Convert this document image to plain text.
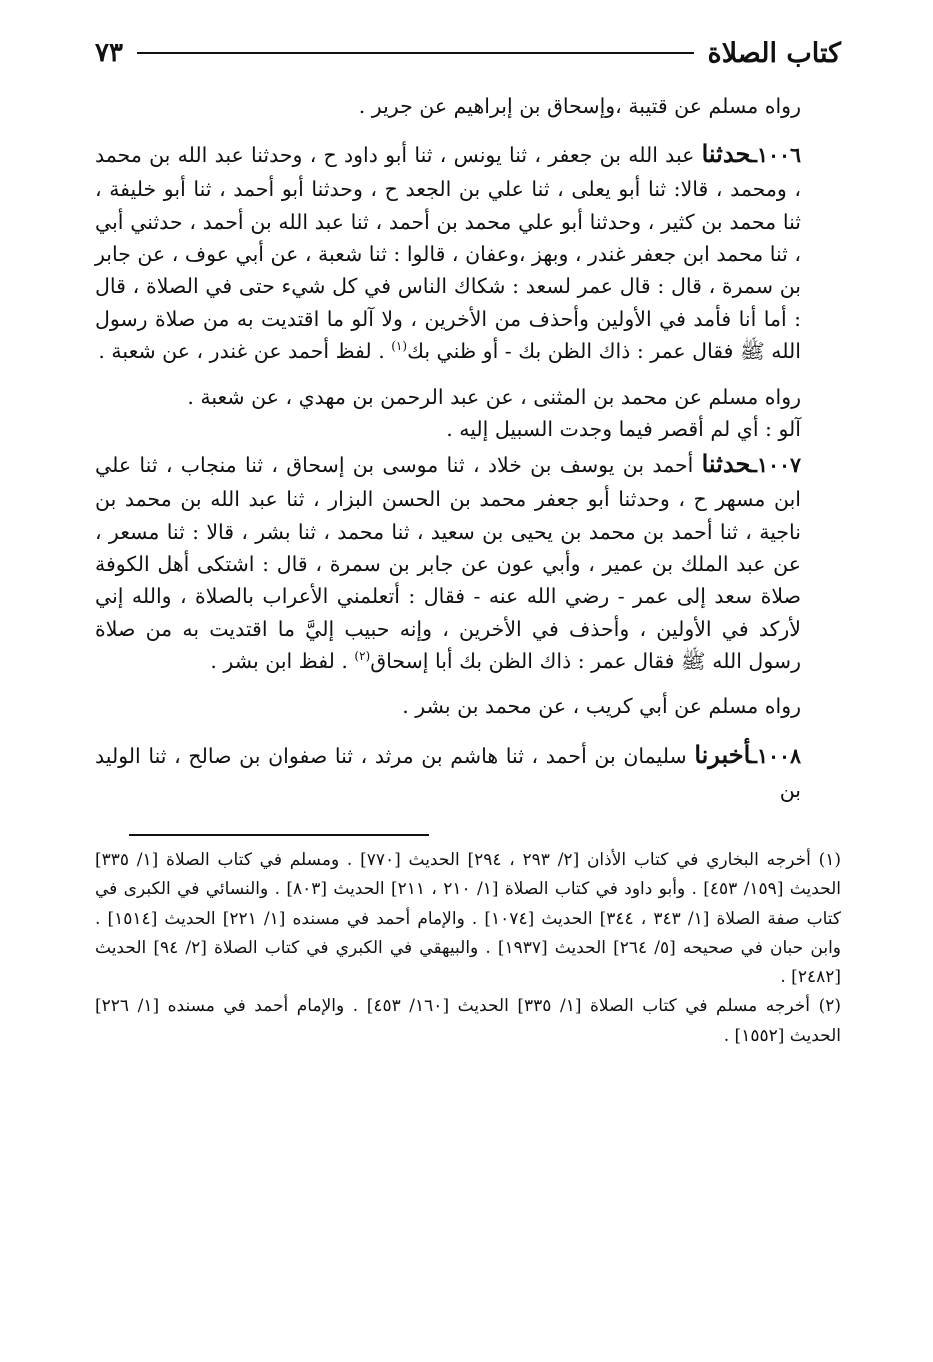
كتاب الصلاة
٧٣

رواه مسلم عن قتيبة ،وإسحاق بن إبراهيم عن جرير .

١٠٠٦ـحدثنا عبد الله بن جعفر ، ثنا يونس ، ثنا أبو داود ح ، وحدثنا عبد الله بن محمد ، ومحمد ، قالا: ثنا أبو يعلى ، ثنا علي بن الجعد ح ، وحدثنا أبو أحمد ، ثنا أبو خليفة ، ثنا محمد بن كثير ، وحدثنا أبو علي محمد بن أحمد ، ثنا عبد الله بن أحمد ، حدثني أبي ، ثنا محمد ابن جعفر غندر ، وبهز ،وعفان ، قالوا : ثنا شعبة ، عن أبي عوف ، عن جابر بن سمرة ، قال : قال عمر لسعد : شكاك الناس في كل شيء حتى في الصلاة ، قال : أما أنا فأمد في الأولين وأحذف من الأخرين ، ولا آلو ما اقتديت به من صلاة رسول الله ﷺ فقال عمر : ذاك الظن بك - أو ظني بك$^{(١)}$ . لفظ أحمد عن غندر ، عن شعبة .

رواه مسلم عن محمد بن المثنى ، عن عبد الرحمن بن مهدي ، عن شعبة .

آلو : أي لم أقصر فيما وجدت السبيل إليه .

١٠٠٧ـحدثنا أحمد بن يوسف بن خلاد ، ثنا موسى بن إسحاق ، ثنا منجاب ، ثنا علي ابن مسهر ح ، وحدثنا أبو جعفر محمد بن الحسن البزار ، ثنا عبد الله بن محمد بن ناجية ، ثنا أحمد بن محمد بن يحيى بن سعيد ، ثنا محمد ، ثنا بشر ، قالا : ثنا مسعر ، عن عبد الملك بن عمير ، وأبي عون عن جابر بن سمرة ، قال : اشتكى أهل الكوفة صلاة سعد إلى عمر - رضي الله عنه - فقال : أتعلمني الأعراب بالصلاة ، والله إني لأركد في الأولين ، وأحذف في الأخرين ، وإنه حبيب إليَّ ما اقتديت به من صلاة رسول الله ﷺ فقال عمر : ذاك الظن بك أبا إسحاق$^{(٢)}$ . لفظ ابن بشر .

رواه مسلم عن أبي كريب ، عن محمد بن بشر .

١٠٠٨ـأخبرنا سليمان بن أحمد ، ثنا هاشم بن مرثد ، ثنا صفوان بن صالح ، ثنا الوليد بن

(١) أخرجه البخاري في كتاب الأذان [٢/ ٢٩٣ ، ٢٩٤] الحديث [٧٧٠] . ومسلم في كتاب الصلاة [١/ ٣٣٥] الحديث [١٥٩/ ٤٥٣] . وأبو داود في كتاب الصلاة [١/ ٢١٠ ، ٢١١] الحديث [٨٠٣] . والنسائي في الكبرى في كتاب صفة الصلاة [١/ ٣٤٣ ، ٣٤٤] الحديث [١٠٧٤] . والإمام أحمد في مسنده [١/ ٢٢١] الحديث [١٥١٤] . وابن حبان في صحيحه [٥/ ٢٦٤] الحديث [١٩٣٧] . والبيهقي في الكبري في كتاب الصلاة [٢/ ٩٤] الحديث [٢٤٨٢] .

(٢) أخرجه مسلم في كتاب الصلاة [١/ ٣٣٥] الحديث [١٦٠/ ٤٥٣] . والإمام أحمد في مسنده [١/ ٢٢٦] الحديث [١٥٥٢] .
